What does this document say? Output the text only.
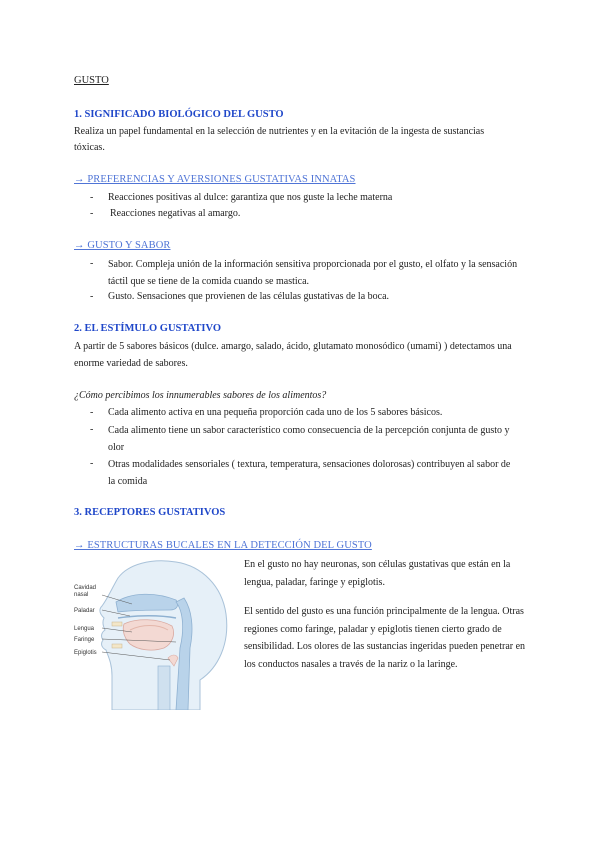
GUSTO
1. SIGNIFICADO BIOLÓGICO DEL GUSTO
Realiza un papel fundamental en la selección de nutrientes y en la evitación de la ingesta de sustancias
tóxicas.
→ PREFERENCIAS Y AVERSIONES GUSTATIVAS INNATAS
- Reacciones positivas al dulce: garantiza que nos guste la leche materna
- Reacciones negativas al amargo.
→ GUSTO Y SABOR
- Sabor. Compleja unión de la información sensitiva proporcionada por el gusto, el olfato y la sensación táctil que se tiene de la comida cuando se mastica.
- Gusto. Sensaciones que provienen de las células gustativas de la boca.
2. EL ESTÍMULO GUSTATIVO
A partir de 5 sabores básicos (dulce. amargo, salado, ácido, glutamato monosódico (umami) ) detectamos una enorme variedad de sabores.
¿Cómo percibimos los innumerables sabores de los alimentos?
- Cada alimento activa en una pequeña proporción cada uno de los 5 sabores básicos.
- Cada alimento tiene un sabor característico como consecuencia de la percepción conjunta de gusto y olor
- Otras modalidades sensoriales ( textura, temperatura, sensaciones dolorosas) contribuyen al sabor de la comida
3. RECEPTORES GUSTATIVOS
→ ESTRUCTURAS BUCALES EN LA DETECCIÓN DEL GUSTO
En el gusto no hay neuronas, son células gustativas que están en la lengua, paladar, faringe y epiglotis.
El sentido del gusto es una función principalmente de la lengua. Otras regiones como faringe, paladar y epiglotis tienen cierto grado de sensibilidad. Los olores de las sustancias ingeridas pueden penetrar en los conductos nasales a través de la nariz o la laringe.
Cavidad
nasal
Paladar
Lengua
Faringe
Epiglotis
